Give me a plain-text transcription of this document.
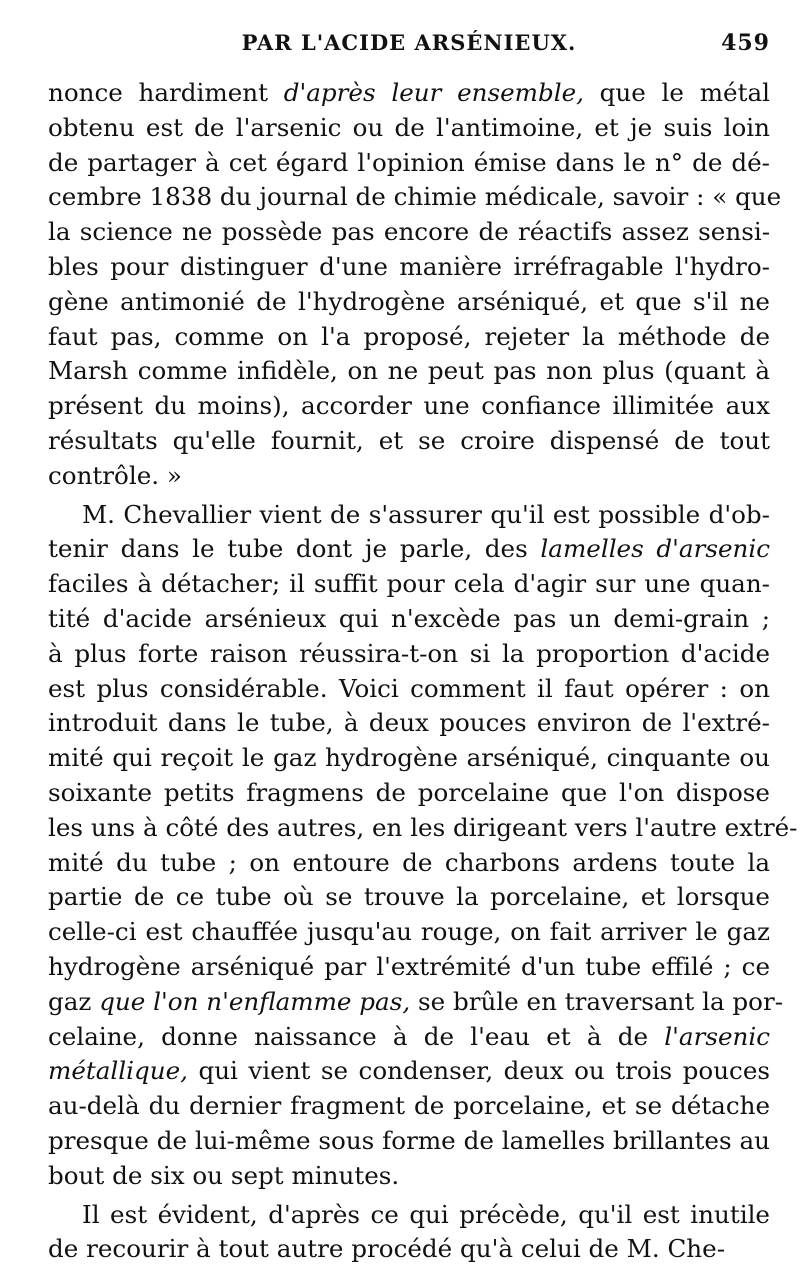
PAR L'ACIDE ARSÉNIEUX.	459
nonce hardiment d'après leur ensemble, que le métal
obtenu est de l'arsenic ou de l'antimoine, et je suis loin
de partager à cet égard l'opinion émise dans le n° de dé-
cembre 1838 du journal de chimie médicale, savoir : « que
la science ne possède pas encore de réactifs assez sensi-
bles pour distinguer d'une manière irréfragable l'hydro-
gène antimonié de l'hydrogène arséniqué, et que s'il ne
faut pas, comme on l'a proposé, rejeter la méthode de
Marsh comme infidèle, on ne peut pas non plus (quant à
présent du moins), accorder une confiance illimitée aux
résultats qu'elle fournit, et se croire dispensé de tout
contrôle. »
M. Chevallier vient de s'assurer qu'il est possible d'ob-
tenir dans le tube dont je parle, des lamelles d'arsenic
faciles à détacher; il suffit pour cela d'agir sur une quan-
tité d'acide arsénieux qui n'excède pas un demi-grain ;
à plus forte raison réussira-t-on si la proportion d'acide
est plus considérable. Voici comment il faut opérer : on
introduit dans le tube, à deux pouces environ de l'extré-
mité qui reçoit le gaz hydrogène arséniqué, cinquante ou
soixante petits fragmens de porcelaine que l'on dispose
les uns à côté des autres, en les dirigeant vers l'autre extré-
mité du tube ; on entoure de charbons ardens toute la
partie de ce tube où se trouve la porcelaine, et lorsque
celle-ci est chauffée jusqu'au rouge, on fait arriver le gaz
hydrogène arséniqué par l'extrémité d'un tube effilé ; ce
gaz que l'on n'enflamme pas, se brûle en traversant la por-
celaine, donne naissance à de l'eau et à de l'arsenic
métallique, qui vient se condenser, deux ou trois pouces
au-delà du dernier fragment de porcelaine, et se détache
presque de lui-même sous forme de lamelles brillantes au
bout de six ou sept minutes.
Il est évident, d'après ce qui précède, qu'il est inutile
de recourir à tout autre procédé qu'à celui de M. Che-
